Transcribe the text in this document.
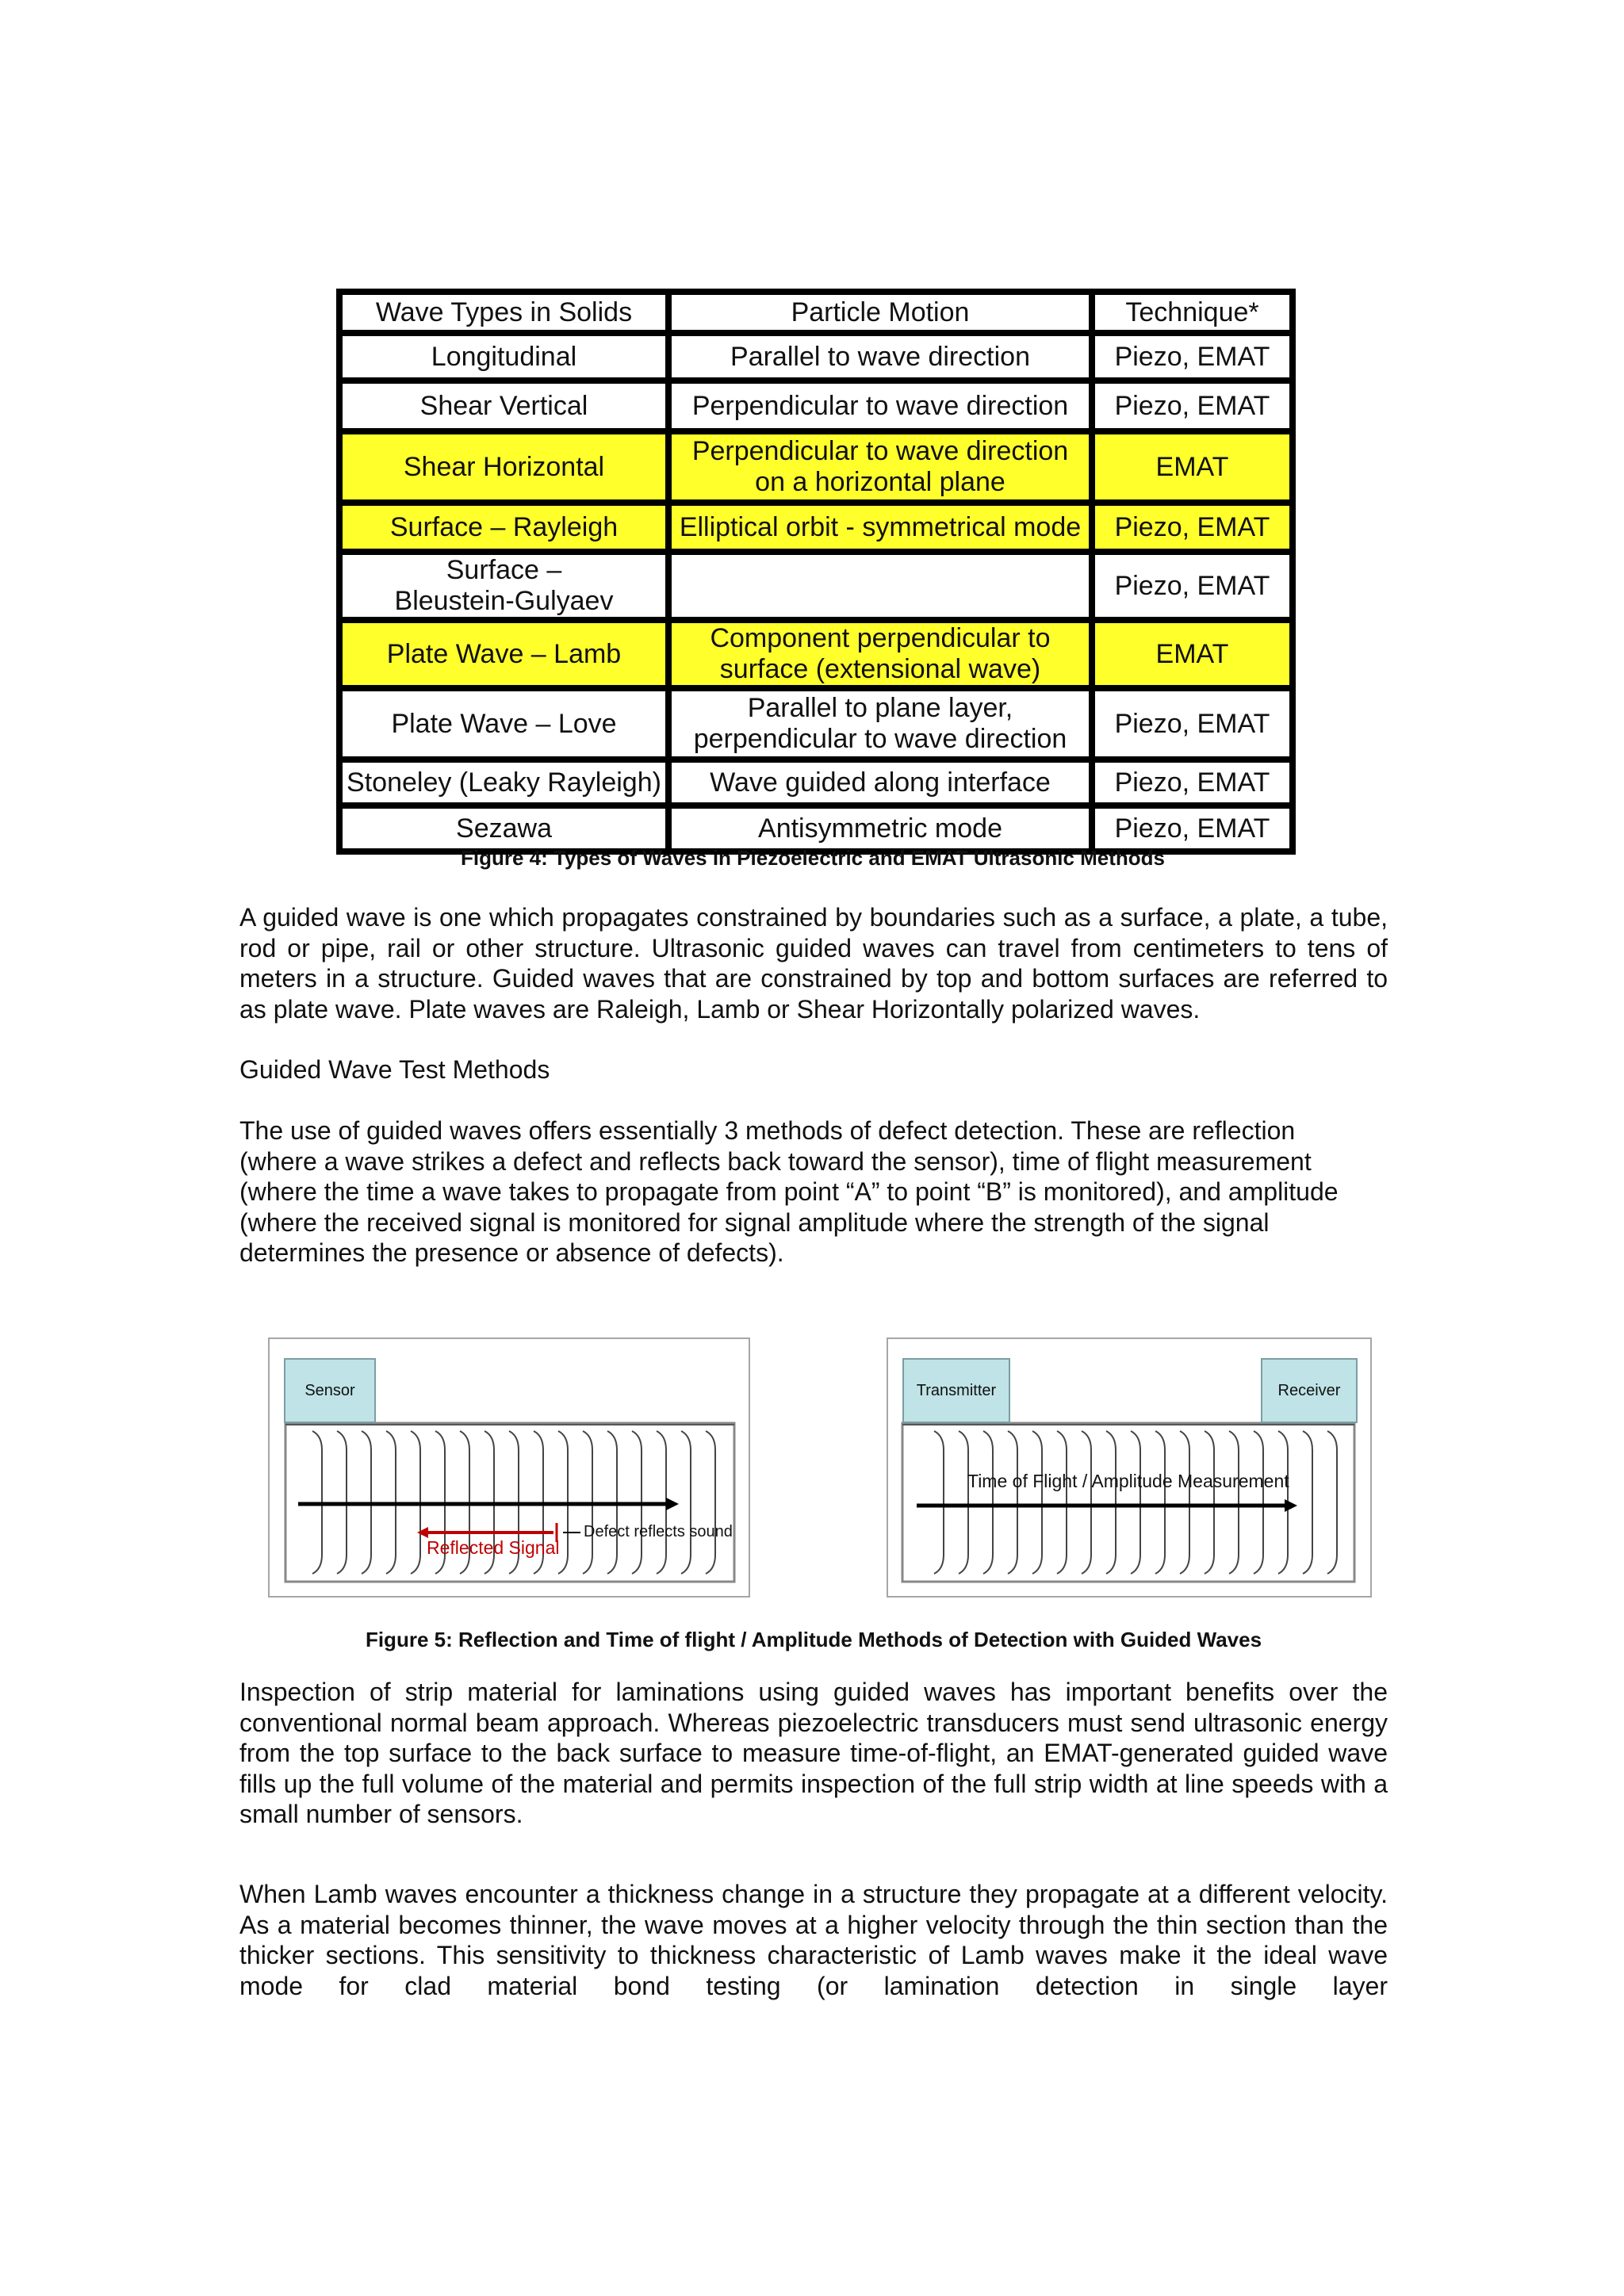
Wave Types in Solids	Particle Motion	Technique*
Longitudinal	Parallel to wave direction	Piezo, EMAT
Shear Vertical	Perpendicular to wave direction	Piezo, EMAT
Shear Horizontal	Perpendicular to wave direction on a horizontal plane	EMAT
Surface – Rayleigh	Elliptical orbit - symmetrical mode	Piezo, EMAT
Surface – Bleustein-Gulyaev		Piezo, EMAT
Plate Wave – Lamb	Component perpendicular to surface (extensional wave)	EMAT
Plate Wave – Love	Parallel to plane layer, perpendicular to wave direction	Piezo, EMAT
Stoneley (Leaky Rayleigh)	Wave guided along interface	Piezo, EMAT
Sezawa	Antisymmetric mode	Piezo, EMAT
Figure 4: Types of Waves in Piezoelectric and EMAT Ultrasonic Methods

A guided wave is one which propagates constrained by boundaries such as a surface, a plate, a tube, rod or pipe, rail or other structure. Ultrasonic guided waves can travel from centimeters to tens of meters in a structure. Guided waves that are constrained by top and bottom surfaces are referred to as plate wave. Plate waves are Raleigh, Lamb or Shear Horizontally polarized waves.

Guided Wave Test Methods

The use of guided waves offers essentially 3 methods of defect detection. These are reflection (where a wave strikes a defect and reflects back toward the sensor), time of flight measurement (where the time a wave takes to propagate from point “A” to point “B” is monitored), and amplitude (where the received signal is monitored for signal amplitude where the strength of the signal determines the presence or absence of defects).

Sensor
Defect reflects sound
Reflected Signal
Transmitter	Receiver
Time of Flight / Amplitude Measurement
Figure 5: Reflection and Time of flight / Amplitude Methods of Detection with Guided Waves

Inspection of strip material for laminations using guided waves has important benefits over the conventional normal beam approach. Whereas piezoelectric transducers must send ultrasonic energy from the top surface to the back surface to measure time-of-flight, an EMAT-generated guided wave fills up the full volume of the material and permits inspection of the full strip width at line speeds with a small number of sensors.

When Lamb waves encounter a thickness change in a structure they propagate at a different velocity. As a material becomes thinner, the wave moves at a higher velocity through the thin section than the thicker sections. This sensitivity to thickness characteristic of Lamb waves make it the ideal wave mode for clad material bond testing (or lamination detection in single layer
